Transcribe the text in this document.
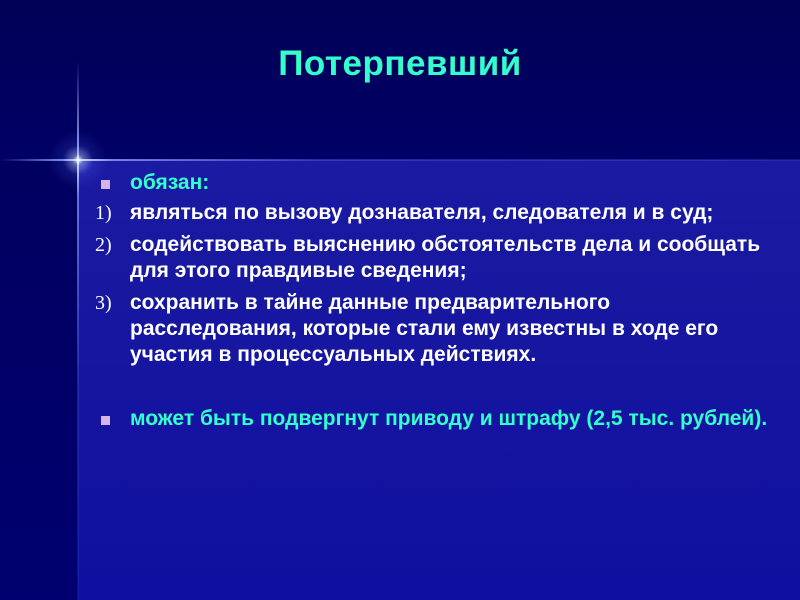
Потерпевший
обязан:
1) являться по вызову дознавателя, следователя и в суд;
2) содействовать выяснению обстоятельств дела и сообщать для этого правдивые сведения;
3) сохранить в тайне данные предварительного расследования, которые стали ему известны в ходе его участия в процессуальных действиях.
может быть подвергнут приводу и штрафу (2,5 тыс. рублей).
